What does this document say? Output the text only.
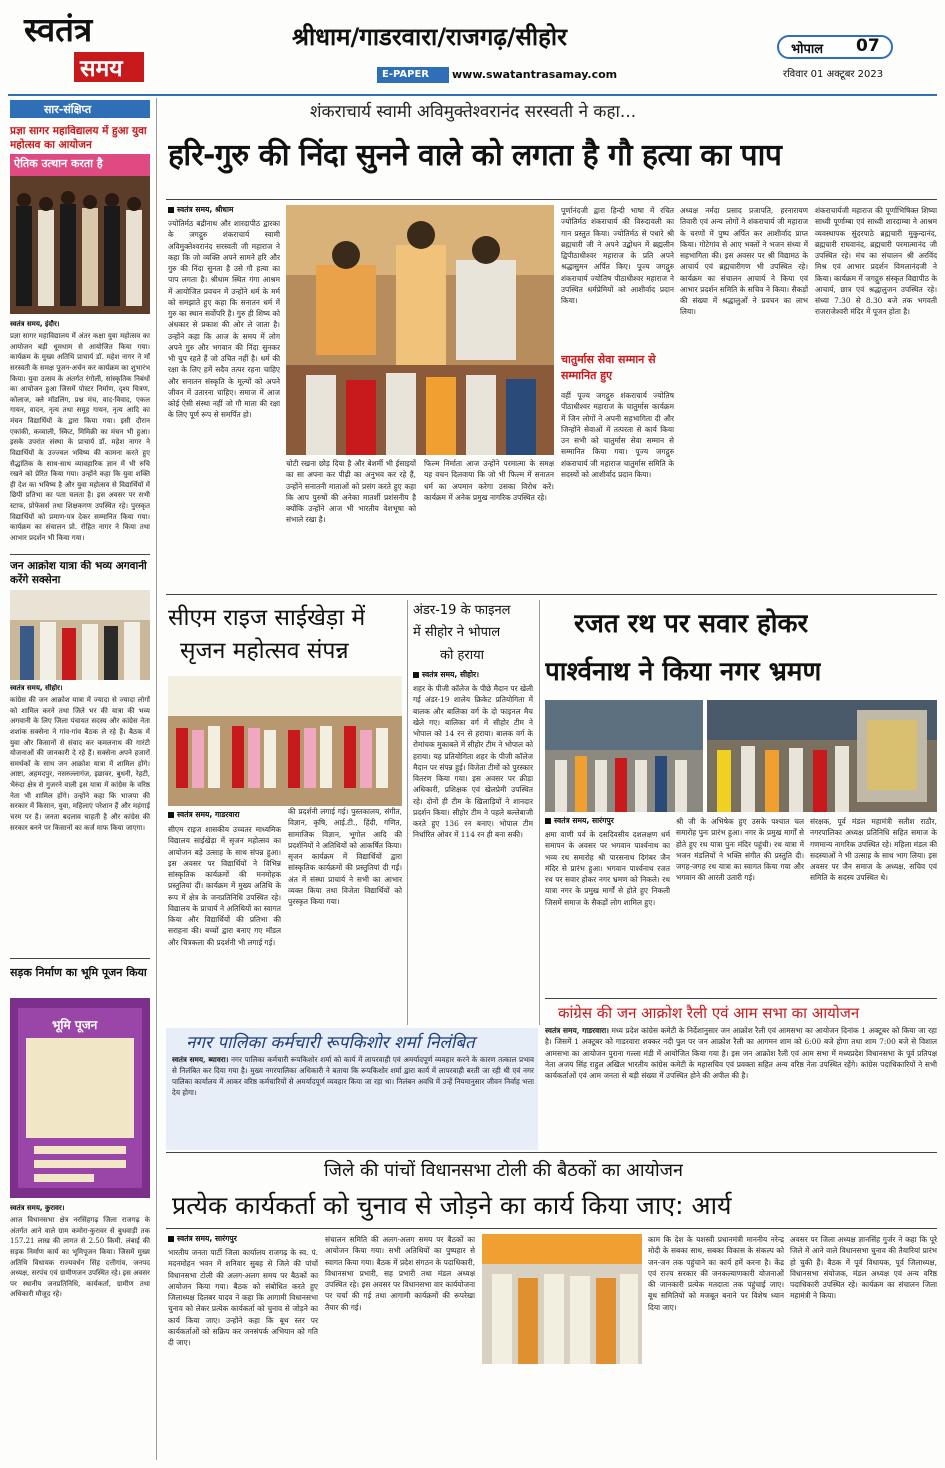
स्वतंत्र
समय
श्रीधाम/गाडरवारा/राजगढ़/सीहोर
E-PAPER www.swatantrasamay.com
भोपाल 07
रविवार 01 अक्टूबर 2023
सार-संक्षिप्त
प्रज्ञा सागर महाविद्यालय में हुआ युवा महोत्सव का आयोजन
ऐतिक उत्थान करता है
स्वतंत्र समय, इंदौर।
प्रज्ञा सागर महाविद्यालय में अंतर कक्षा युवा महोत्सव का आयोजन बड़ी धूमधाम से आयोजित किया गया। कार्यक्रम के मुख्य अतिथि प्राचार्य डॉ. महेश नागर ने माँ सरस्वती के समक्ष पूजन-अर्चन कर कार्यक्रम का शुभारंभ किया। युवा उत्सव के अंतर्गत रंगोली, सांस्कृतिक निबंधों का आयोजन हुआ जिसमें पोस्टर निर्माण, दृश्य चित्रण, कोलाज, क्ले मॉडलिंग, प्रश्न मंच, वाद-विवाद, एकल गायन, वादन, नृत्य तथा समूह गायन, नृत्य आदि का मंचन विद्यार्थियों के द्वारा किया गया। इसी दौरान एकांकी, कव्वाली, स्किट, मिमिक्री का मंचन भी हुआ। इसके उपरांत संस्था के प्राचार्य डॉ. महेश नागर ने विद्यार्थियों के उज्ज्वल भविष्य की कामना करते हुए सैद्धांतिक के साथ-साथ व्यावहारिक ज्ञान में भी रुचि रखने को प्रेरित किया गया। उन्होंने कहा कि युवा शक्ति ही देश का भविष्य है और युवा महोत्सव से विद्यार्थियों में छिपी प्रतिभा का पता चलता है। इस अवसर पर सभी स्टाफ, प्रोफेसर्स तथा शिक्षकगण उपस्थित रहे। पुरस्कृत विद्यार्थियों को प्रमाण-पत्र देकर सम्मानित किया गया। कार्यक्रम का संचालन प्रो. रोहित नागर ने किया तथा आभार प्रदर्शन भी किया गया।
जन आक्रोश यात्रा की भव्य अगवानी करेंगे सक्सेना
स्वतंत्र समय, सीहोर।
कांग्रेस की जन आक्रोश यात्रा में ज्यादा से ज्यादा लोगों को शामिल करने तथा जिले भर की यात्रा की भव्य अगवानी के लिए जिला पंचायत सदस्य और कांग्रेस नेता शशांक सक्सेना ने गांव-गांव बैठक ले रहे हैं। बैठक में युवा और किसानों से संवाद कर कमलनाथ की गारंटी योजनाओं की जानकारी दे रहे हैं। सक्सेना अपने हजारों समर्थकों के साथ जन आक्रोश यात्रा में शामिल होंगे। आष्टा, अहमदपुर, नसरुल्लागंज, इछावर, बुधनी, रेहटी, भैरुंदा क्षेत्र से गुजरने वाली इस यात्रा में कांग्रेस के वरिष्ठ नेता भी शामिल होंगे। उन्होंने कहा कि भाजपा की सरकार में किसान, युवा, महिलाएं परेशान हैं और महंगाई चरम पर है। जनता बदलाव चाहती है और कांग्रेस की सरकार बनने पर किसानों का कर्ज माफ किया जाएगा।
सड़क निर्माण का भूमि पूजन किया
भूमि पूजन
स्वतंत्र समय, कुरावर।
आज विधानसभा क्षेत्र नरसिंहगढ़ जिला राजगढ़ के अंतर्गत आने वाले ग्राम कमोरा-कुरावर से बुधवाड़ी तक 157.21 लाख की लागत से 2.50 किमी. लंबाई की सड़क निर्माण कार्य का भूमिपूजन किया। जिसमें मुख्य अतिथि विधायक राज्यवर्धन सिंह दत्तीगांव, जनपद अध्यक्ष, सरपंच एवं ग्रामीणजन उपस्थित रहे। इस अवसर पर स्थानीय जनप्रतिनिधि, कार्यकर्ता, ग्रामीण तथा अधिकारी मौजूद रहे।
शंकराचार्य स्वामी अविमुक्तेश्वरानंद सरस्वती ने कहा...
हरि-गुरु की निंदा सुनने वाले को लगता है गौ हत्या का पाप
स्वतंत्र समय, श्रीधाम
ज्योतिर्मठ बद्रीनाथ और शारदापीठ द्वारका के जगद्गुरु शंकराचार्य स्वामी अविमुक्तेश्वरानंद सरस्वती जी महाराज ने कहा कि जो व्यक्ति अपने सामने हरि और गुरु की निंदा सुनता है उसे गौ हत्या का पाप लगता है। श्रीधाम स्थित गंगा आश्रम में आयोजित प्रवचन में उन्होंने धर्म के मर्म को समझाते हुए कहा कि सनातन धर्म में गुरु का स्थान सर्वोपरि है। गुरु ही शिष्य को अंधकार से प्रकाश की ओर ले जाता है। उन्होंने कहा कि आज के समय में लोग अपने गुरु और भगवान की निंदा सुनकर भी चुप रहते हैं जो उचित नहीं है। धर्म की रक्षा के लिए हमें सदैव तत्पर रहना चाहिए और सनातन संस्कृति के मूल्यों को अपने जीवन में उतारना चाहिए। समाज में आज कोई ऐसी संस्था नहीं जो गौ माता की रक्षा के लिए पूर्ण रूप से समर्पित हो।
चोटी रखना छोड़ दिया है और बेशर्मी भी ईसाइयों का सा अपना कर पीढ़ी का अनुभव कर रहे हैं, उन्होंने सनातनी माताओं को प्रसंग करते हुए कहा कि आप पुरुषों की अनेका मातर्शी प्रशंसनीय है क्योंकि उन्होंने आज भी भारतीय वेशभूषा को संभाले रखा है।
फिल्म निर्माता आज उन्होंने परमात्मा के समक्ष यह वचन दिलवाया कि जो भी फिल्म में सनातन धर्म का अपमान करेगा उसका विरोध करें। कार्यक्रम में अनेक प्रमुख नागरिक उपस्थित रहे।
पूर्णानंदजी द्वारा हिन्दी भाषा में रचित ज्योतिर्मठ शंकराचार्य की विरुदावली का गान प्रस्तुत किया। ज्योतिर्मठ से पधारे श्री ब्रह्मचारी जी ने अपने उद्बोधन में ब्रह्मलीन द्विपीठाधीश्वर महाराज के प्रति अपने श्रद्धासुमन अर्पित किए। पूज्य जगद्गुरु शंकराचार्य ज्योतिष पीठाधीश्वर महाराज ने उपस्थित धर्मप्रेमियों को आशीर्वाद प्रदान किया।
चातुर्मास सेवा सम्मान से सम्मानित हुए
वहीं पूज्य जगद्गुरु शंकराचार्य ज्योतिष पीठाधीश्वर महाराज के चातुर्मास कार्यक्रम में जिन लोगों ने अपनी सहभागिता दी और जिन्होंने सेवाओं में तत्परता से कार्य किया उन सभी को चातुर्मास सेवा सम्मान से सम्मानित किया गया। पूज्य जगद्गुरु शंकराचार्य जी महाराज चातुर्मास समिति के सदस्यों को आशीर्वाद प्रदान किया।
अध्यक्ष नर्मदा प्रसाद प्रजापति, हरनारायण तिवारी एवं अन्य लोगों ने शंकराचार्य जी महाराज के चरणों में पुष्प अर्पित कर आशीर्वाद प्राप्त किया। गोटेगांव से आए भक्तों ने भजन संध्या में सहभागिता की। इस अवसर पर श्री विद्यामठ के आचार्य एवं ब्रह्मचारीगण भी उपस्थित रहे। कार्यक्रम का संचालन आचार्य ने किया एवं आभार प्रदर्शन समिति के सचिव ने किया। सैकड़ों की संख्या में श्रद्धालुओं ने प्रवचन का लाभ लिया।
शंकराचार्यजी महाराज की पूर्णाभिषिक्त शिष्या साध्वी पूर्णाम्बा एवं साध्वी शारदाम्बा ने आश्रम व्यवस्थापक सुंदरपाठे ब्रह्मचारी मुकुन्दानंद, ब्रह्मचारी राघवानंद, ब्रह्मचारी परमात्मानंद जी उपस्थित रहे। मंच का संचालन श्री अरविंद मिश्र एवं आभार प्रदर्शन विमलानंदजी ने किया। कार्यक्रम में जगद्गुरु संस्कृत विद्यापीठ के आचार्य, छात्र एवं श्रद्धालुजन उपस्थित रहे। संध्या 7.30 से 8.30 बजे तक भगवती राजराजेश्वरी मंदिर में पूजन होता है।
सीएम राइज साईखेड़ा में
सृजन महोत्सव संपन्न
स्वतंत्र समय, गाडरवारा
सीएम राइज शासकीय उच्चतर माध्यमिक विद्यालय साईखेड़ा में सृजन महोत्सव का आयोजन बड़े उत्साह के साथ संपन्न हुआ। इस अवसर पर विद्यार्थियों ने विभिन्न सांस्कृतिक कार्यक्रमों की मनमोहक प्रस्तुतियां दीं। कार्यक्रम में मुख्य अतिथि के रूप में क्षेत्र के जनप्रतिनिधि उपस्थित रहे। विद्यालय के प्राचार्य ने अतिथियों का स्वागत किया और विद्यार्थियों की प्रतिभा की सराहना की। बच्चों द्वारा बनाए गए मॉडल और चित्रकला की प्रदर्शनी भी लगाई गई।
की प्रदर्शनी लगाई गई। पुस्तकालय, संगीत, विज्ञान, कृषि, आई.टी., हिंदी, गणित, सामाजिक विज्ञान, भूगोल आदि की प्रदर्शनियों ने अतिथियों को आकर्षित किया। सृजन कार्यक्रम में विद्यार्थियों द्वारा सांस्कृतिक कार्यक्रमों की प्रस्तुतियां दी गईं। अंत में संस्था प्राचार्य ने सभी का आभार व्यक्त किया तथा विजेता विद्यार्थियों को पुरस्कृत किया गया।
अंडर-19 के फाइनल
में सीहोर ने भोपाल
को हराया
स्वतंत्र समय, सीहोर।
शहर के पीजी कॉलेज के पीछे मैदान पर खेली गई अंडर-19 शालेय क्रिकेट प्रतियोगिता में बालक और बालिका वर्ग के दो फाइनल मैच खेले गए। बालिका वर्ग में सीहोर टीम ने भोपाल को 14 रन से हराया। बालक वर्ग के रोमांचक मुकाबले में सीहोर टीम ने भोपाल को हराया। यह प्रतियोगिता शहर के पीजी कॉलेज मैदान पर संपन्न हुई। विजेता टीमों को पुरस्कार वितरण किया गया। इस अवसर पर क्रीड़ा अधिकारी, प्रशिक्षक एवं खेलप्रेमी उपस्थित रहे। दोनों ही टीम के खिलाड़ियों ने शानदार प्रदर्शन किया। सीहोर टीम ने पहले बल्लेबाजी करते हुए 136 रन बनाए। भोपाल टीम निर्धारित ओवर में 114 रन ही बना सकी।
रजत रथ पर सवार होकर
पार्श्वनाथ ने किया नगर भ्रमण
स्वतंत्र समय, सारंगपुर
क्षमा वाणी पर्व के दसदिवसीय दशलक्षण धर्म समापन के अवसर पर भगवान पार्श्वनाथ का भव्य रथ समारोह श्री पारसनाथ दिगंबर जैन मंदिर से प्रारंभ हुआ। भगवान पार्श्वनाथ रजत रथ पर सवार होकर नगर भ्रमण को निकले। रथ यात्रा नगर के प्रमुख मार्गों से होते हुए निकली जिसमें समाज के सैकड़ों लोग शामिल हुए।
श्री जी के अभिषेक हुए उसके पश्चात चल समारोह पुनः प्रारंभ हुआ। नगर के प्रमुख मार्गों से होते हुए रथ यात्रा पुनः मंदिर पहुंची। रथ यात्रा में भजन मंडलियों ने भक्ति संगीत की प्रस्तुति दी। जगह-जगह रथ यात्रा का स्वागत किया गया और भगवान की आरती उतारी गई।
संरक्षक, पूर्व मंडल महामंत्री सतीश राठौर, नगरपालिका अध्यक्ष प्रतिनिधि सहित समाज के गणमान्य नागरिक उपस्थित रहे। महिला मंडल की सदस्याओं ने भी उत्साह के साथ भाग लिया। इस अवसर पर जैन समाज के अध्यक्ष, सचिव एवं समिति के सदस्य उपस्थित थे।
कांग्रेस की जन आक्रोश रैली एवं आम सभा का आयोजन
स्वतंत्र समय, गाडरवारा। मध्य प्रदेश कांग्रेस कमेटी के निर्देशानुसार जन आक्रोश रैली एवं आमसभा का आयोजन दिनांक 1 अक्टूबर को किया जा रहा है। जिसमें 1 अक्टूबर को गाडरवारा शक्कर नदी पुल पर जन आक्रोश रैली का आगमन शाम को 6:00 बजे होगा तथा शाम 7:00 बजे से विशाल आमसभा का आयोजन पुराना गल्ला मंडी में आयोजित किया गया है। इस जन आक्रोश रैली एवं आम सभा में मध्यप्रदेश विधानसभा के पूर्व प्रतिपक्ष नेता अजय सिंह राहुल अखिल भारतीय कांग्रेस कमेटी के महासचिव एवं प्रवक्ता सहित अन्य वरिष्ठ नेता उपस्थित रहेंगे। कांग्रेस पदाधिकारियों ने सभी कार्यकर्ताओं एवं आम जनता से बड़ी संख्या में उपस्थित होने की अपील की है।
नगर पालिका कर्मचारी रूपकिशोर शर्मा निलंबित
स्वतंत्र समय, ब्यावरा। नगर पालिका कर्मचारी रूपकिशोर शर्मा को कार्य में लापरवाही एवं अमर्यादपूर्ण व्यवहार करने के कारण तत्काल प्रभाव से निलंबित कर दिया गया है। मुख्य नगरपालिका अधिकारी ने बताया कि रूपकिशोर शर्मा द्वारा कार्य में लापरवाही बरती जा रही थी एवं नगर पालिका कार्यालय में आकर वरिष्ठ कर्मचारियों से अमर्यादपूर्ण व्यवहार किया जा रहा था। निलंबन अवधि में उन्हें नियमानुसार जीवन निर्वाह भत्ता देय होगा।
जिले की पांचों विधानसभा टोली की बैठकों का आयोजन
प्रत्येक कार्यकर्ता को चुनाव से जोड़ने का कार्य किया जाए: आर्य
स्वतंत्र समय, सारंगपुर
भारतीय जनता पार्टी जिला कार्यालय राजगढ़ के स्व. पं. मदनमोहन भवन में शनिवार सुबह से जिले की पांचों विधानसभा टोली की अलग-अलग समय पर बैठकों का आयोजन किया गया। बैठक को संबोधित करते हुए जिलाध्यक्ष दिलबर यादव ने कहा कि आगामी विधानसभा चुनाव को लेकर प्रत्येक कार्यकर्ता को चुनाव से जोड़ने का कार्य किया जाए। उन्होंने कहा कि बूथ स्तर पर कार्यकर्ताओं को सक्रिय कर जनसंपर्क अभियान को गति दी जाए।
संचालन समिति की अलग-अलग समय पर बैठकों का आयोजन किया गया। सभी अतिथियों का पुष्पहार से स्वागत किया गया। बैठक में प्रदेश संगठन के पदाधिकारी, विधानसभा प्रभारी, सह प्रभारी तथा मंडल अध्यक्ष उपस्थित रहे। इस अवसर पर विधानसभा वार कार्ययोजना पर चर्चा की गई तथा आगामी कार्यक्रमों की रूपरेखा तैयार की गई।
काम कि देश के यशस्वी प्रधानमंत्री माननीय नरेन्द्र मोदी के सबका साथ, सबका विकास के संकल्प को जन-जन तक पहुंचाने का कार्य हमें करना है। केंद्र एवं राज्य सरकार की जनकल्याणकारी योजनाओं की जानकारी प्रत्येक मतदाता तक पहुंचाई जाए। बूथ समितियों को मजबूत बनाने पर विशेष ध्यान दिया जाए।
अवसर पर जिला अध्यक्ष ज्ञानसिंह गुर्जर ने कहा कि पूरे जिले में आने वाले विधानसभा चुनाव की तैयारियां प्रारंभ हो चुकी हैं। बैठक में पूर्व विधायक, पूर्व जिलाध्यक्ष, विधानसभा संयोजक, मंडल अध्यक्ष एवं अन्य वरिष्ठ पदाधिकारी उपस्थित रहे। कार्यक्रम का संचालन जिला महामंत्री ने किया।
